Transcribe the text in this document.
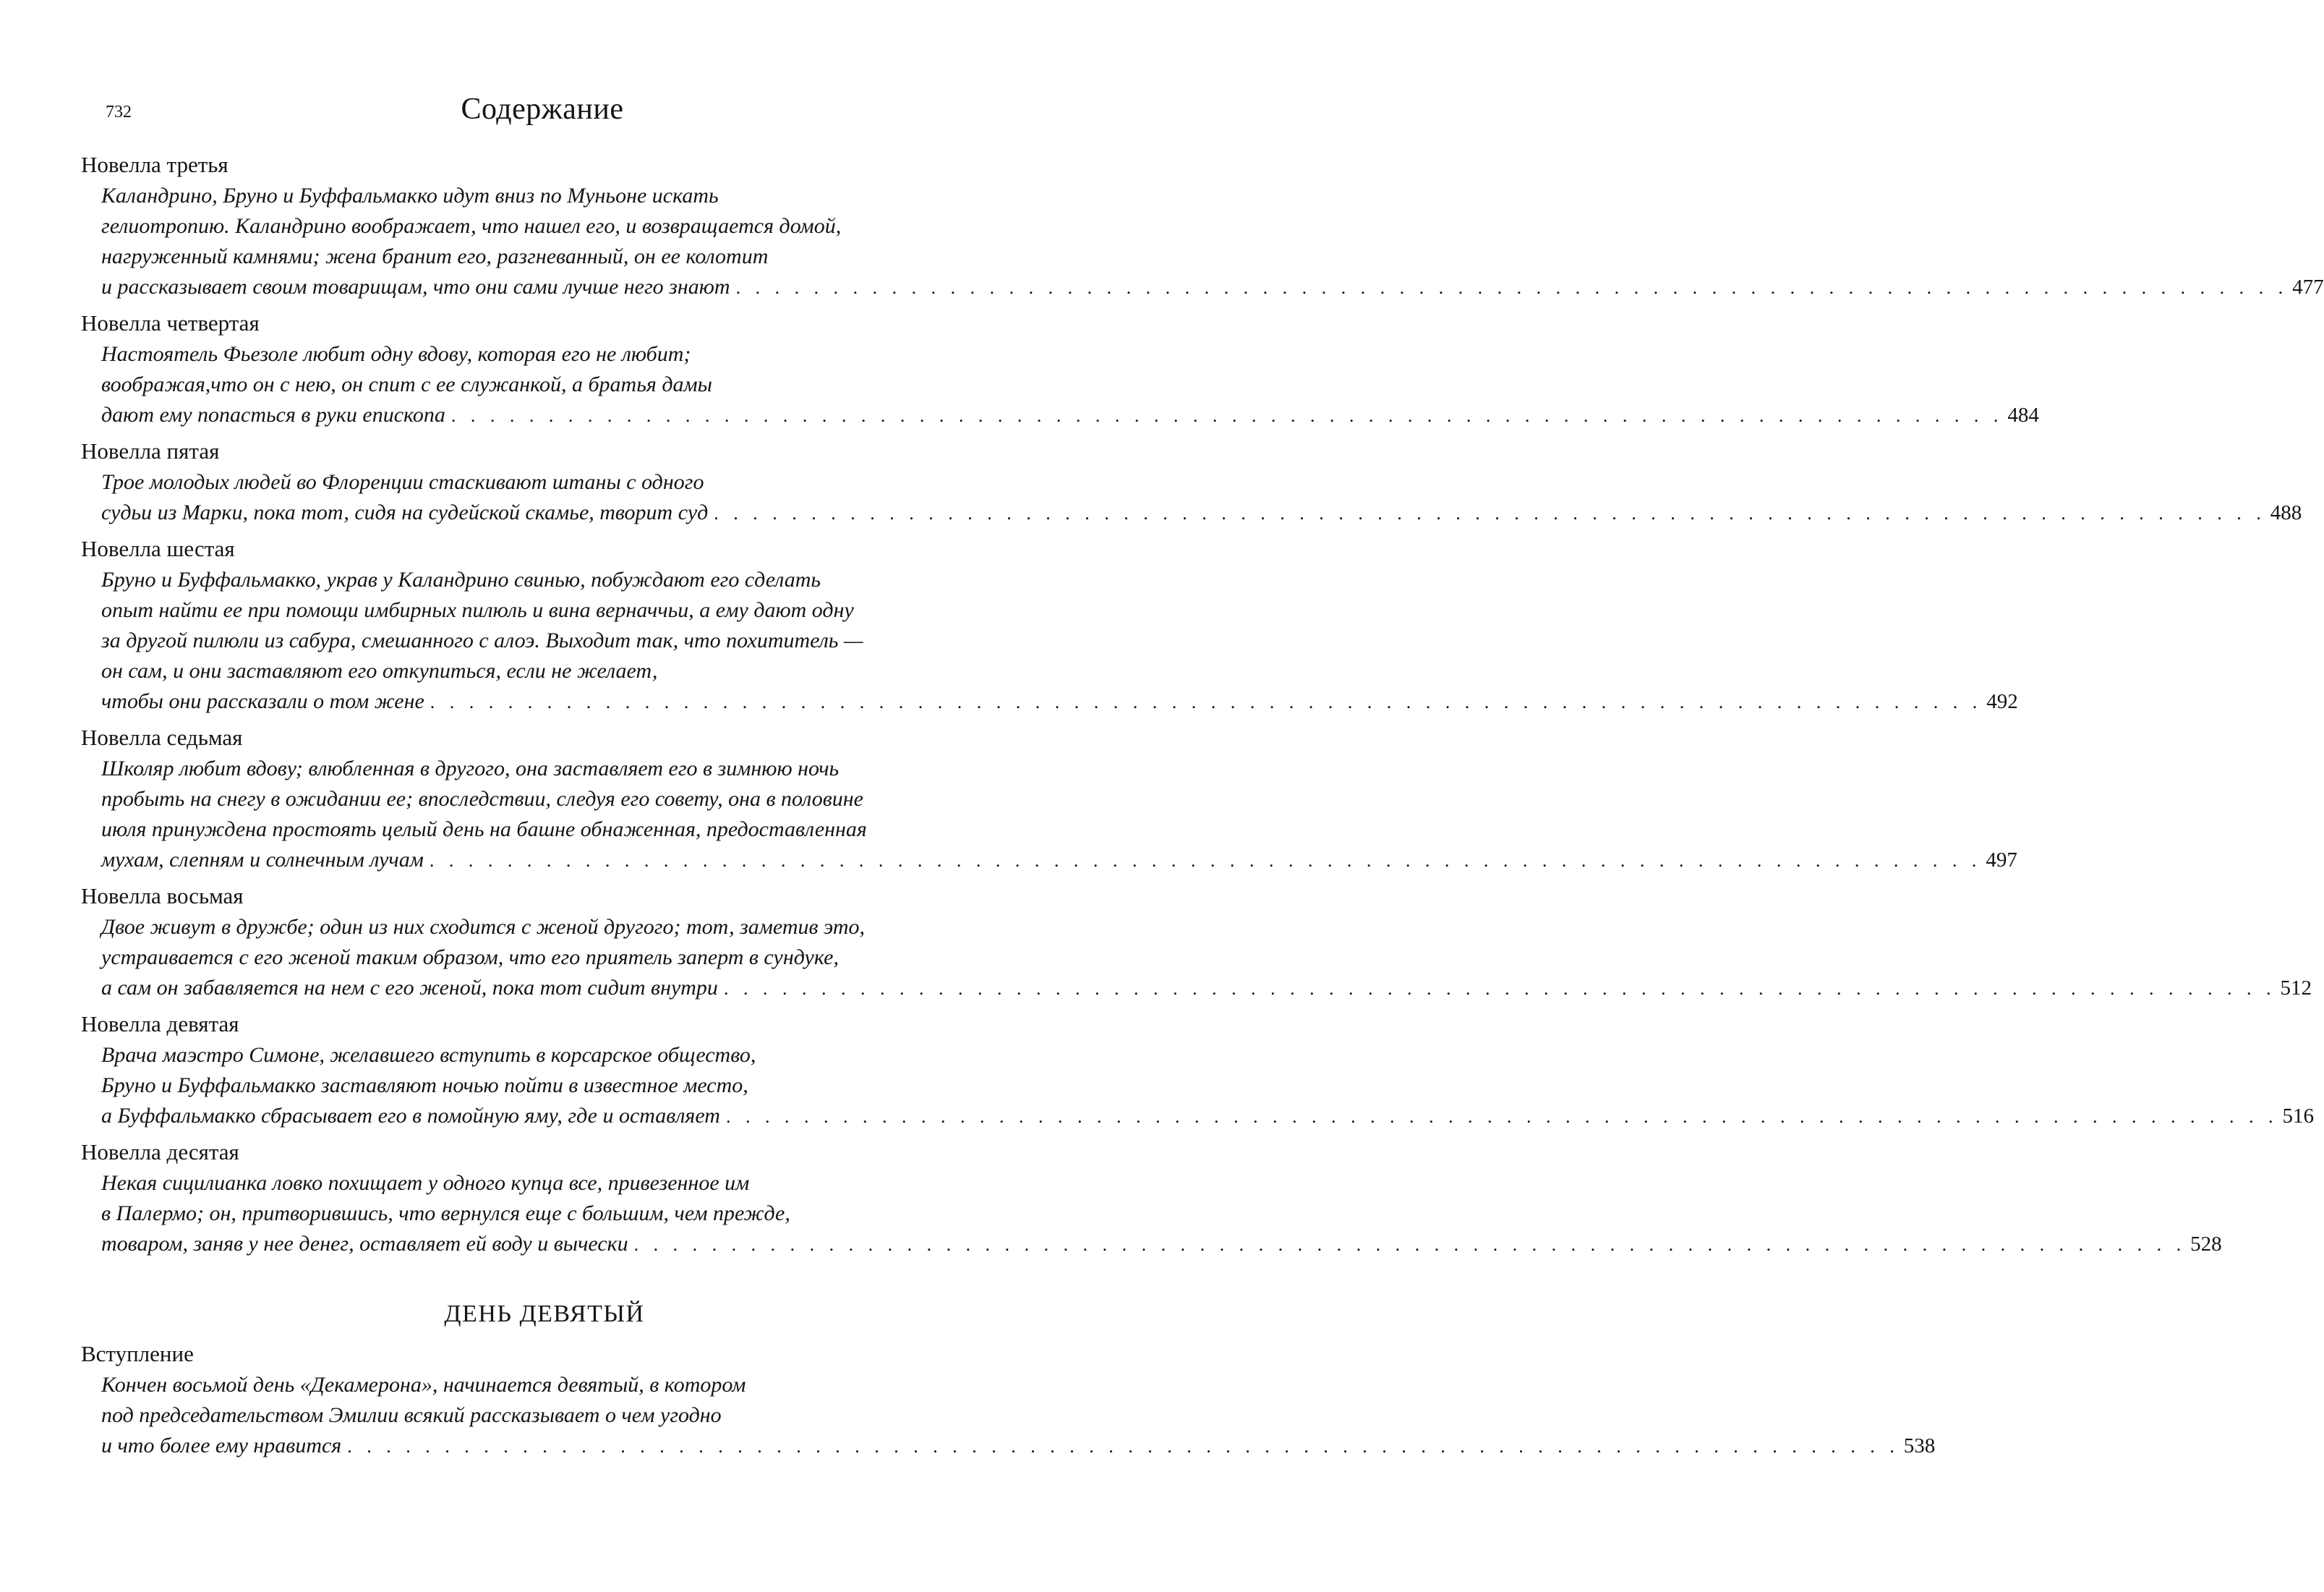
732	Содержание
Новелла третья
Каландрино, Бруно и Буффальмакко идут вниз по Муньоне искать
гелиотропию. Каландрино воображает, что нашел его, и возвращается домой,
нагруженный камнями; жена бранит его, разгневанный, он ее колотит
и рассказывает своим товарищам, что они сами лучше него знают . . . . . . . . . . . . . . . . . . . . . . . . . . . . . . . . . . . . . . . . . . . . . . . . . . . . . . . . . . . . . . . . . . . . . . . . . . . . . . . . 477
Новелла четвертая
Настоятель Фьезоле любит одну вдову, которая его не любит;
воображая,что он с нею, он спит с ее служанкой, а братья дамы
дают ему попасться в руки епископа . . . . . . . . . . . . . . . . . . . . . . . . . . . . . . . . . . . . . . . . . . . . . . . . . . . . . . . . . . . . . . . . . . . . . . . . . . . . . . . . 484
Новелла пятая
Трое молодых людей во Флоренции стаскивают штаны с одного
судьи из Марки, пока тот, сидя на судейской скамье, творит суд . . . . . . . . . . . . . . . . . . . . . . . . . . . . . . . . . . . . . . . . . . . . . . . . . . . . . . . . . . . . . . . . . . . . . . . . . . . . . . . . 488
Новелла шестая
Бруно и Буффальмакко, украв у Каландрино свинью, побуждают его сделать
опыт найти ее при помощи имбирных пилюль и вина верначчьи, а ему дают одну
за другой пилюли из сабура, смешанного с алоэ. Выходит так, что похититель —
он сам, и они заставляют его откупиться, если не желает,
чтобы они рассказали о том жене . . . . . . . . . . . . . . . . . . . . . . . . . . . . . . . . . . . . . . . . . . . . . . . . . . . . . . . . . . . . . . . . . . . . . . . . . . . . . . . . 492
Новелла седьмая
Школяр любит вдову; влюбленная в другого, она заставляет его в зимнюю ночь
пробыть на снегу в ожидании ее; впоследствии, следуя его совету, она в половине
июля принуждена простоять целый день на башне обнаженная, предоставленная
мухам, слепням и солнечным лучам . . . . . . . . . . . . . . . . . . . . . . . . . . . . . . . . . . . . . . . . . . . . . . . . . . . . . . . . . . . . . . . . . . . . . . . . . . . . . . . . 497
Новелла восьмая
Двое живут в дружбе; один из них сходится с женой другого; тот, заметив это,
устраивается с его женой таким образом, что его приятель заперт в сундуке,
а сам он забавляется на нем с его женой, пока тот сидит внутри . . . . . . . . . . . . . . . . . . . . . . . . . . . . . . . . . . . . . . . . . . . . . . . . . . . . . . . . . . . . . . . . . . . . . . . . . . . . . . . . 512
Новелла девятая
Врача маэстро Симоне, желавшего вступить в корсарское общество,
Бруно и Буффальмакко заставляют ночью пойти в известное место,
а Буффальмакко сбрасывает его в помойную яму, где и оставляет . . . . . . . . . . . . . . . . . . . . . . . . . . . . . . . . . . . . . . . . . . . . . . . . . . . . . . . . . . . . . . . . . . . . . . . . . . . . . . . . 516
Новелла десятая
Некая сицилианка ловко похищает у одного купца все, привезенное им
в Палермо; он, притворившись, что вернулся еще с большим, чем прежде,
товаром, заняв у нее денег, оставляет ей воду и вычески . . . . . . . . . . . . . . . . . . . . . . . . . . . . . . . . . . . . . . . . . . . . . . . . . . . . . . . . . . . . . . . . . . . . . . . . . . . . . . . . 528
ДЕНЬ ДЕВЯТЫЙ
Вступление
Кончен восьмой день «Декамерона», начинается девятый, в котором
под председательством Эмилии всякий рассказывает о чем угодно
и что более ему нравится . . . . . . . . . . . . . . . . . . . . . . . . . . . . . . . . . . . . . . . . . . . . . . . . . . . . . . . . . . . . . . . . . . . . . . . . . . . . . . . . 538
